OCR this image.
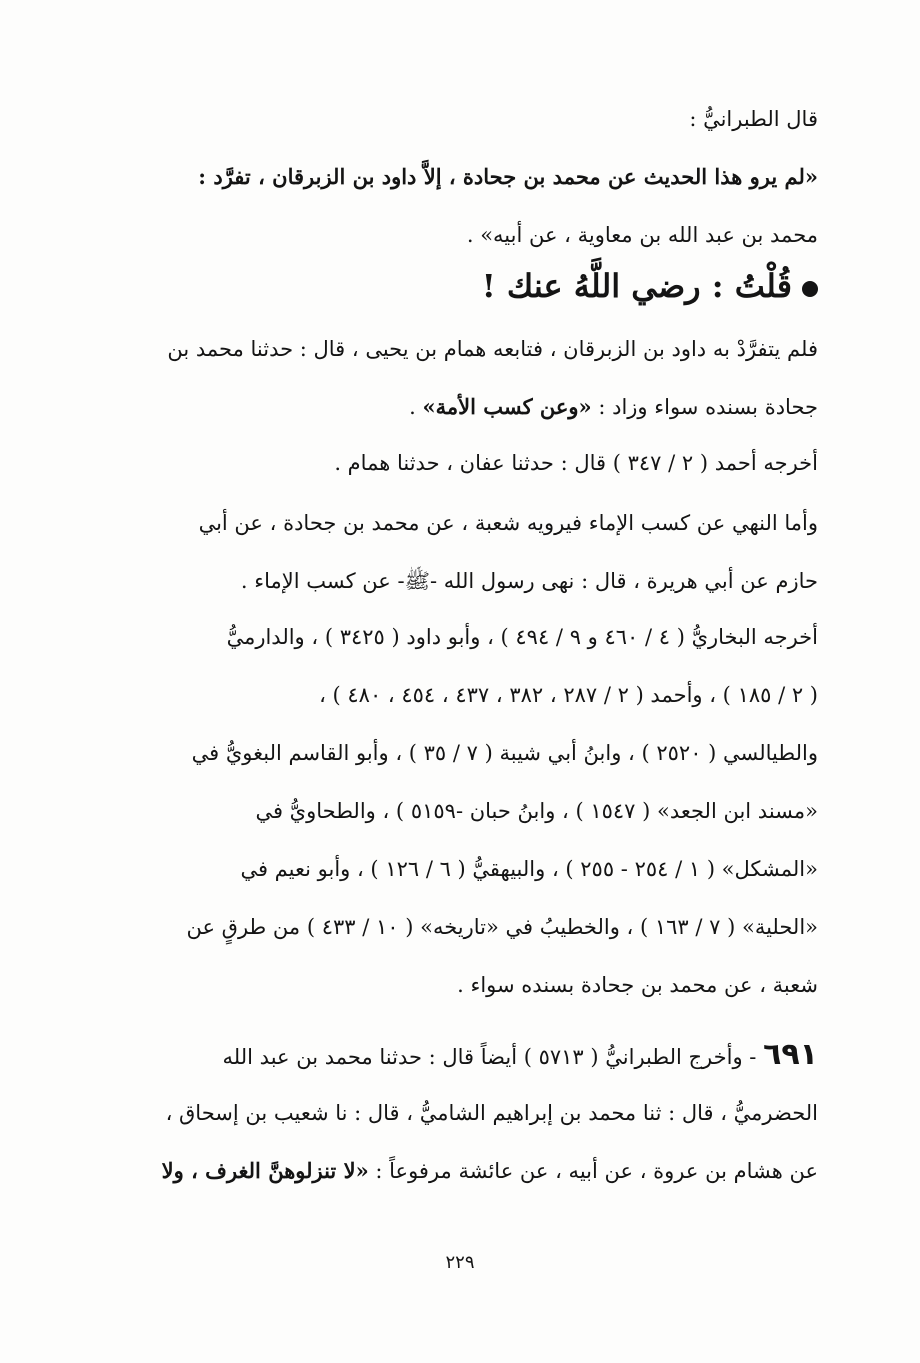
قال الطبرانيُّ :
«لم يرو هذا الحديث عن محمد بن جحادة ، إلاَّ داود بن الزبرقان ، تفرَّد :
محمد بن عبد الله بن معاوية ، عن أبيه» .
قُلْتُ : رضي اللَّهُ عنك !
فلم يتفرَّدْ به داود بن الزبرقان ، فتابعه همام بن يحيى ، قال : حدثنا محمد بن
جحادة بسنده سواء وزاد : «وعن كسب الأمة» .
أخرجه أحمد ( ٢ / ٣٤٧ ) قال : حدثنا عفان ، حدثنا همام .
وأما النهي عن كسب الإماء فيرويه شعبة ، عن محمد بن جحادة ، عن أبي
حازم عن أبي هريرة ، قال : نهى رسول الله -ﷺ- عن كسب الإماء .
أخرجه البخاريُّ ( ٤ / ٤٦٠ و ٩ / ٤٩٤ ) ، وأبو داود ( ٣٤٢٥ ) ، والدارميُّ
( ٢ / ١٨٥ ) ، وأحمد ( ٢ / ٢٨٧ ، ٣٨٢ ، ٤٣٧ ، ٤٥٤ ، ٤٨٠ ) ،
والطيالسي ( ٢٥٢٠ ) ، وابنُ أبي شيبة ( ٧ / ٣٥ ) ، وأبو القاسم البغويُّ في
«مسند ابن الجعد» ( ١٥٤٧ ) ، وابنُ حبان -٥١٥٩ ) ، والطحاويُّ في
«المشكل» ( ١ / ٢٥٤ - ٢٥٥ ) ، والبيهقيُّ ( ٦ / ١٢٦ ) ، وأبو نعيم في
«الحلية» ( ٧ / ١٦٣ ) ، والخطيبُ في «تاريخه» ( ١٠ / ٤٣٣ ) من طرقٍ عن
شعبة ، عن محمد بن جحادة بسنده سواء .
٦٩١ - وأخرج الطبرانيُّ ( ٥٧١٣ ) أيضاً قال : حدثنا محمد بن عبد الله
الحضرميُّ ، قال : ثنا محمد بن إبراهيم الشاميُّ ، قال : نا شعيب بن إسحاق ،
عن هشام بن عروة ، عن أبيه ، عن عائشة مرفوعاً : «لا تنزلوهنَّ الغرف ، ولا
٢٢٩
